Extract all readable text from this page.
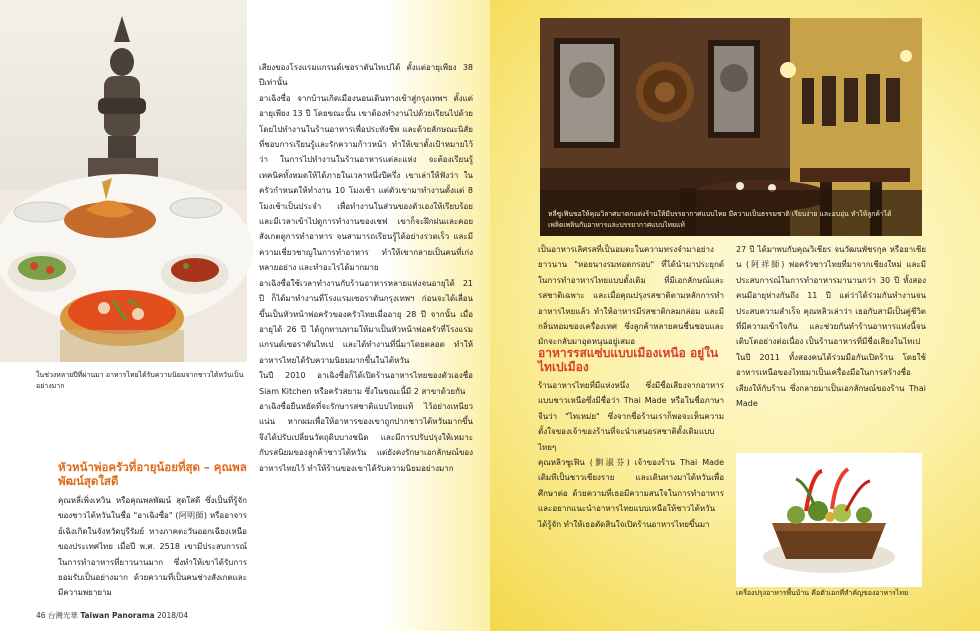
ในช่วงหลายปีที่ผ่านมา อาหารไทยได้รับความนิยมจากชาวไต้หวันเป็นอย่างมาก
เสียงของโรงแรมแกรนด์เซอราตันไทเปได้ ตั้งแต่อายุเพียง 38 ปีเท่านั้น
อาเฉิงซื่อ จากบ้านเกิดเมืองนอนเดินทางเข้าสู่กรุงเทพฯ ตั้งแต่อายุเพียง 13 ปี โดยขณะนั้น เขาต้องทำงานไปด้วยเรียนไปด้วย โดยไปทำงานในร้านอาหารเพื่อประทังชีพ และด้วยลักษณะนิสัยที่ชอบการเรียนรู้และรักความก้าวหน้า ทำให้เขาตั้งเป้าหมายไว้ว่า ในการไปทำงานในร้านอาหารแต่ละแห่ง จะต้องเรียนรู้เทคนิคทั้งหมดให้ได้ภายในเวลาหนึ่งปีครึ่ง เขาเล่าให้ฟังว่า ในครัวกำหนดให้ทำงาน 10 โมงเช้า แต่ตัวเขามาทำงานตั้งแต่ 8 โมงเช้าเป็นประจำ เพื่อทำงานในส่วนของตัวเองให้เรียบร้อย และมีเวลาเข้าไปดูการทำงานของเชฟ เขาก็จะฝึกฝนและคอยสังเกตดูการทำอาหาร จนสามารถเรียนรู้ได้อย่างรวดเร็ว และมีความเชี่ยวชาญในการทำอาหาร ทำให้เขากลายเป็นคนที่เก่งหลายอย่าง และทำอะไรได้มากมาย
อาเฉิงซื่อใช้เวลาทำงานกับร้านอาหารหลายแห่งจนอายุได้ 21 ปี ก็ได้มาทำงานที่โรงแรมเซอราตันกรุงเทพฯ ก่อนจะได้เลื่อนขึ้นเป็นหัวหน้าพ่อครัวของครัวไทยเมื่ออายุ 28 ปี จากนั้น เมื่ออายุได้ 26 ปี ได้ถูกทาบทามให้มาเป็นหัวหน้าพ่อครัวที่โรงแรมแกรนด์เซอราตันไทเป และได้ทำงานที่นี่มาโดยตลอด ทำให้อาหารไทยได้รับความนิยมมากขึ้นในไต้หวัน
ในปี 2010 อาเฉิงซื่อก็ได้เปิดร้านอาหารไทยของตัวเองชื่อ Siam Kitchen หรือครัวสยาม ซึ่งในขณะนี้มี 2 สาขาด้วยกัน
อาเฉิงซื่อยืนหยัดที่จะรักษารสชาติแบบไทยแท้ ไว้อย่างเหนียวแน่น หากผมเพื่อให้อาหารของเขาถูกปากชาวไต้หวันมากขึ้น จึงได้ปรับเปลี่ยนวัตถุดิบบางชนิด และมีการปรับปรุงให้เหมาะกับรสนิยมของลูกค้าชาวไต้หวัน แต่ยังคงรักษาเอกลักษณ์ของอาหารไทยไว้ ทำให้ร้านของเขาได้รับความนิยมอย่างมาก
หัวหน้าพ่อครัวที่อายุน้อยที่สุด – คุณพลพัฒน์สุดใสดี
คุณหลี่เพิ่งเหวิน หรือคุณพลพัฒน์ สุดใสดี ซึ่งเป็นที่รู้จักของชาวไต้หวันในชื่อ "อาเฉิงซื่อ" (阿明師) หรืออาจารย์เฉิงเกิดในจังหวัดบุรีรัมย์ ทางภาคตะวันออกเฉียงเหนือของประเทศไทย เมื่อปี พ.ศ. 2518 เขามีประสบการณ์ในการทำอาหารที่ยาวนานมาก ซึ่งทำให้เขาได้รับการยอมรับเป็นอย่างมาก ด้วยความที่เป็นคนช่างสังเกตและมีความพยายาม
46 台灣光華 Taiwan Panorama 2018/04
หลี่ซูเฟินขอให้คุณวิลาศมาตกแต่งร้านให้มีบรรยากาศแบบไทย มีความเป็นธรรมชาติ เรียบง่าย และอบอุ่น ทำให้ลูกค้าได้เพลิดเพลินกับอาหารและบรรยากาศแบบไทยแท้
เป็นอาหารเลิศรสที่เป็นอมตะในความทรงจำมาอย่างยาวนาน "หอยนางรมทอดกรอบ" ที่ได้นำมาประยุกต์ในการทำอาหารไทยแบบดั้งเดิม ที่มีเอกลักษณ์และรสชาติเฉพาะ และเมื่อคุณปรุงรสชาติตามหลักการทำอาหารไทยแล้ว ทำให้อาหารมีรสชาติกลมกล่อม และมีกลิ่นหอมของเครื่องเทศ ซึ่งลูกค้าหลายคนชื่นชอบและมักจะกลับมาอุดหนุนอยู่เสมอ
อาหารรสแซ่บแบบเมืองเหนือ อยู่ในไทเปเมือง
ร้านอาหารไทยที่มีแห่งหนึ่ง ซึ่งมีชื่อเสียงจากอาหารแบบชาวเหนือซึ่งมีชื่อว่า Thai Made หรือในชื่อภาษาจีนว่า "ไทเหม่ย" ซึ่งจากชื่อร้านเราก็พอจะเห็นความตั้งใจของเจ้าของร้านที่จะนำเสนอรสชาติดั้งเดิมแบบไทยๆ
คุณหลิวซูเฟิน (劉淑芬) เจ้าของร้าน Thai Made เดิมทีเป็นชาวเชียงราย และเดินทางมาไต้หวันเพื่อศึกษาต่อ ด้วยความที่เธอมีความสนใจในการทำอาหาร และอยากแนะนำอาหารไทยแบบเหนือให้ชาวไต้หวันได้รู้จัก ทำให้เธอตัดสินใจเปิดร้านอาหารไทยขึ้นมา
27 ปี ได้มาพบกับคุณวิเชียร จนวัฒนพัชรกุล หรือยาเชียน (阿祥師) พ่อครัวชาวไทยที่มาจากเชียงใหม่ และมีประสบการณ์ในการทำอาหารมานานกว่า 30 ปี ทั้งสองคนมีอายุห่างกันถึง 11 ปี แต่ว่าได้ร่วมกันทำงานจนประสบความสำเร็จ คุณหลิวเล่าว่า เธอกับสามีเป็นคู่ชีวิตที่มีความเข้าใจกัน และช่วยกันทำร้านอาหารแห่งนี้จนเติบโตอย่างต่อเนื่อง เป็นร้านอาหารที่มีชื่อเสียงในไทเป
ในปี 2011 ทั้งสองคนได้ร่วมมือกันเปิดร้าน โดยใช้อาหารเหนือของไทยมาเป็นเครื่องมือในการสร้างชื่อเสียงให้กับร้าน ซึ่งกลายมาเป็นเอกลักษณ์ของร้าน Thai Made
เครื่องปรุงอาหารพื้นบ้าน คือตัวเอกที่สำคัญของอาหารไทย
